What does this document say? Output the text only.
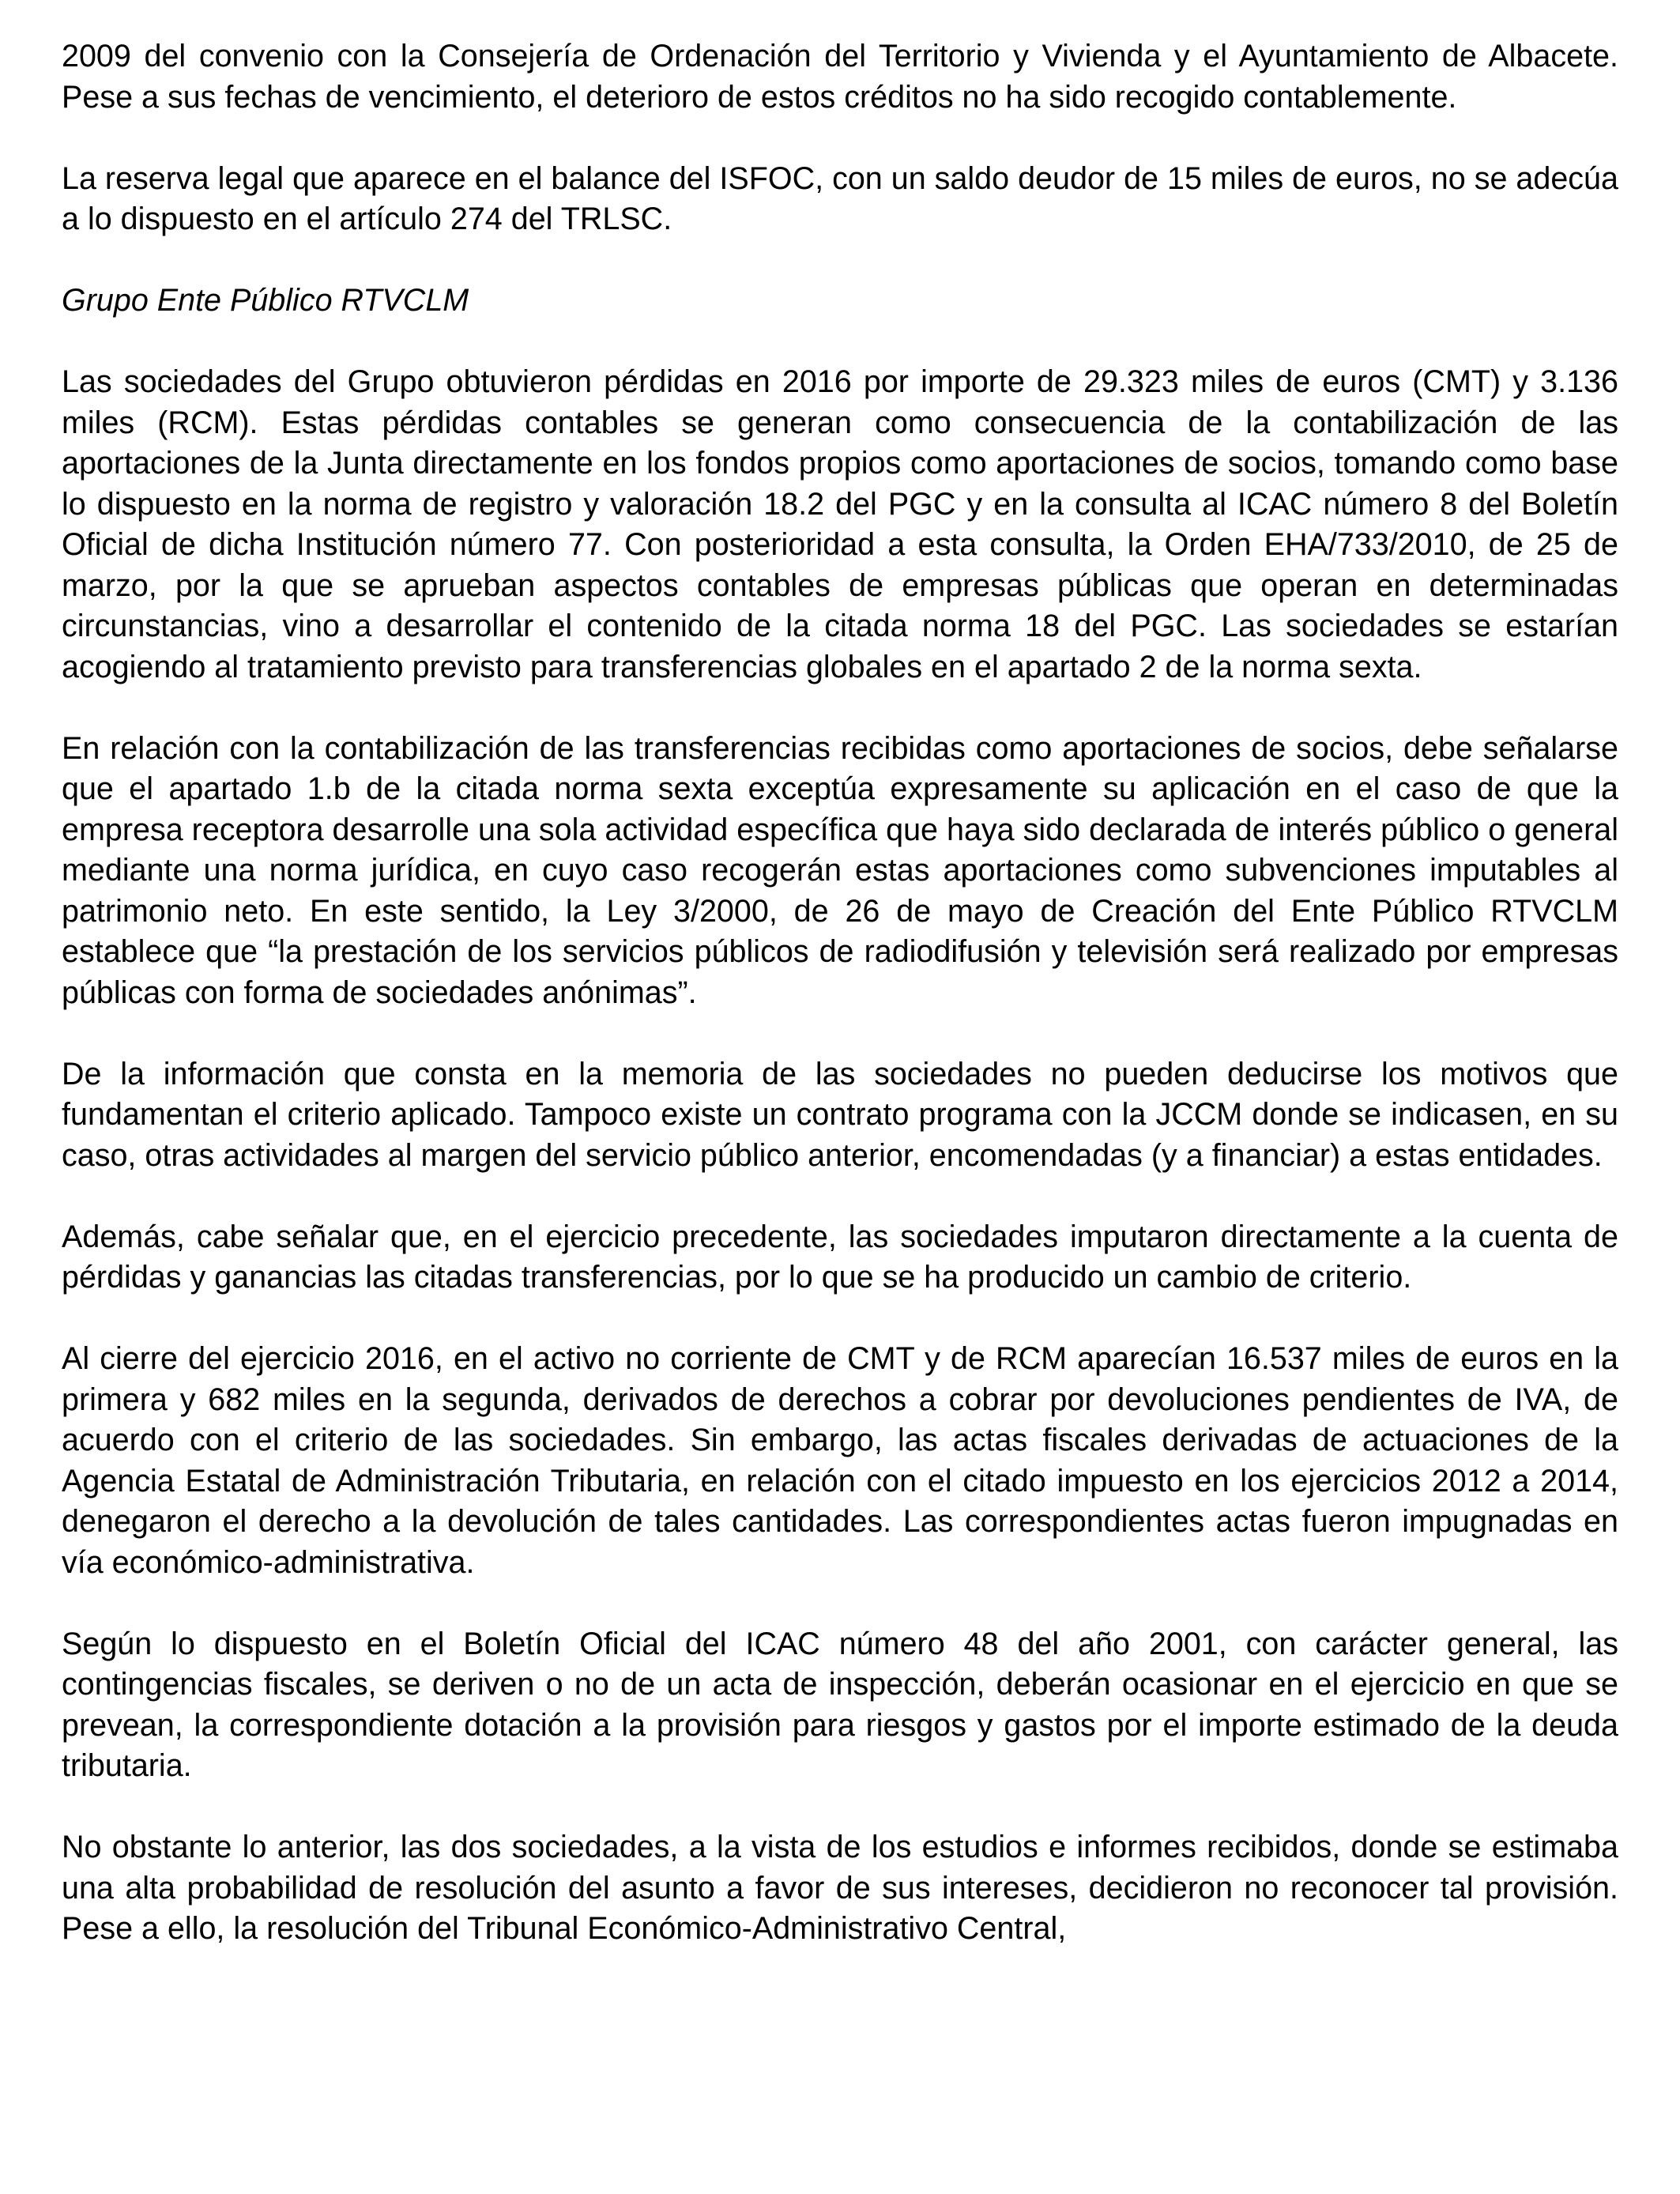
2009 del convenio con la Consejería de Ordenación del Territorio y Vivienda y el Ayuntamiento de Albacete. Pese a sus fechas de vencimiento, el deterioro de estos créditos no ha sido recogido contablemente.

La reserva legal que aparece en el balance del ISFOC, con un saldo deudor de 15 miles de euros, no se adecúa a lo dispuesto en el artículo 274 del TRLSC.

Grupo Ente Público RTVCLM

Las sociedades del Grupo obtuvieron pérdidas en 2016 por importe de 29.323 miles de euros (CMT) y 3.136 miles (RCM). Estas pérdidas contables se generan como consecuencia de la contabilización de las aportaciones de la Junta directamente en los fondos propios como aportaciones de socios, tomando como base lo dispuesto en la norma de registro y valoración 18.2 del PGC y en la consulta al ICAC número 8 del Boletín Oficial de dicha Institución número 77. Con posterioridad a esta consulta, la Orden EHA/733/2010, de 25 de marzo, por la que se aprueban aspectos contables de empresas públicas que operan en determinadas circunstancias, vino a desarrollar el contenido de la citada norma 18 del PGC. Las sociedades se estarían acogiendo al tratamiento previsto para transferencias globales en el apartado 2 de la norma sexta.

En relación con la contabilización de las transferencias recibidas como aportaciones de socios, debe señalarse que el apartado 1.b de la citada norma sexta exceptúa expresamente su aplicación en el caso de que la empresa receptora desarrolle una sola actividad específica que haya sido declarada de interés público o general mediante una norma jurídica, en cuyo caso recogerán estas aportaciones como subvenciones imputables al patrimonio neto. En este sentido, la Ley 3/2000, de 26 de mayo de Creación del Ente Público RTVCLM establece que “la prestación de los servicios públicos de radiodifusión y televisión será realizado por empresas públicas con forma de sociedades anónimas”.

De la información que consta en la memoria de las sociedades no pueden deducirse los motivos que fundamentan el criterio aplicado. Tampoco existe un contrato programa con la JCCM donde se indicasen, en su caso, otras actividades al margen del servicio público anterior, encomendadas (y a financiar) a estas entidades.

Además, cabe señalar que, en el ejercicio precedente, las sociedades imputaron directamente a la cuenta de pérdidas y ganancias las citadas transferencias, por lo que se ha producido un cambio de criterio.

Al cierre del ejercicio 2016, en el activo no corriente de CMT y de RCM aparecían 16.537 miles de euros en la primera y 682 miles en la segunda, derivados de derechos a cobrar por devoluciones pendientes de IVA, de acuerdo con el criterio de las sociedades. Sin embargo, las actas fiscales derivadas de actuaciones de la Agencia Estatal de Administración Tributaria, en relación con el citado impuesto en los ejercicios 2012 a 2014, denegaron el derecho a la devolución de tales cantidades. Las correspondientes actas fueron impugnadas en vía económico-administrativa.

Según lo dispuesto en el Boletín Oficial del ICAC número 48 del año 2001, con carácter general, las contingencias fiscales, se deriven o no de un acta de inspección, deberán ocasionar en el ejercicio en que se prevean, la correspondiente dotación a la provisión para riesgos y gastos por el importe estimado de la deuda tributaria.

No obstante lo anterior, las dos sociedades, a la vista de los estudios e informes recibidos, donde se estimaba una alta probabilidad de resolución del asunto a favor de sus intereses, decidieron no reconocer tal provisión. Pese a ello, la resolución del Tribunal Económico-Administrativo Central,
